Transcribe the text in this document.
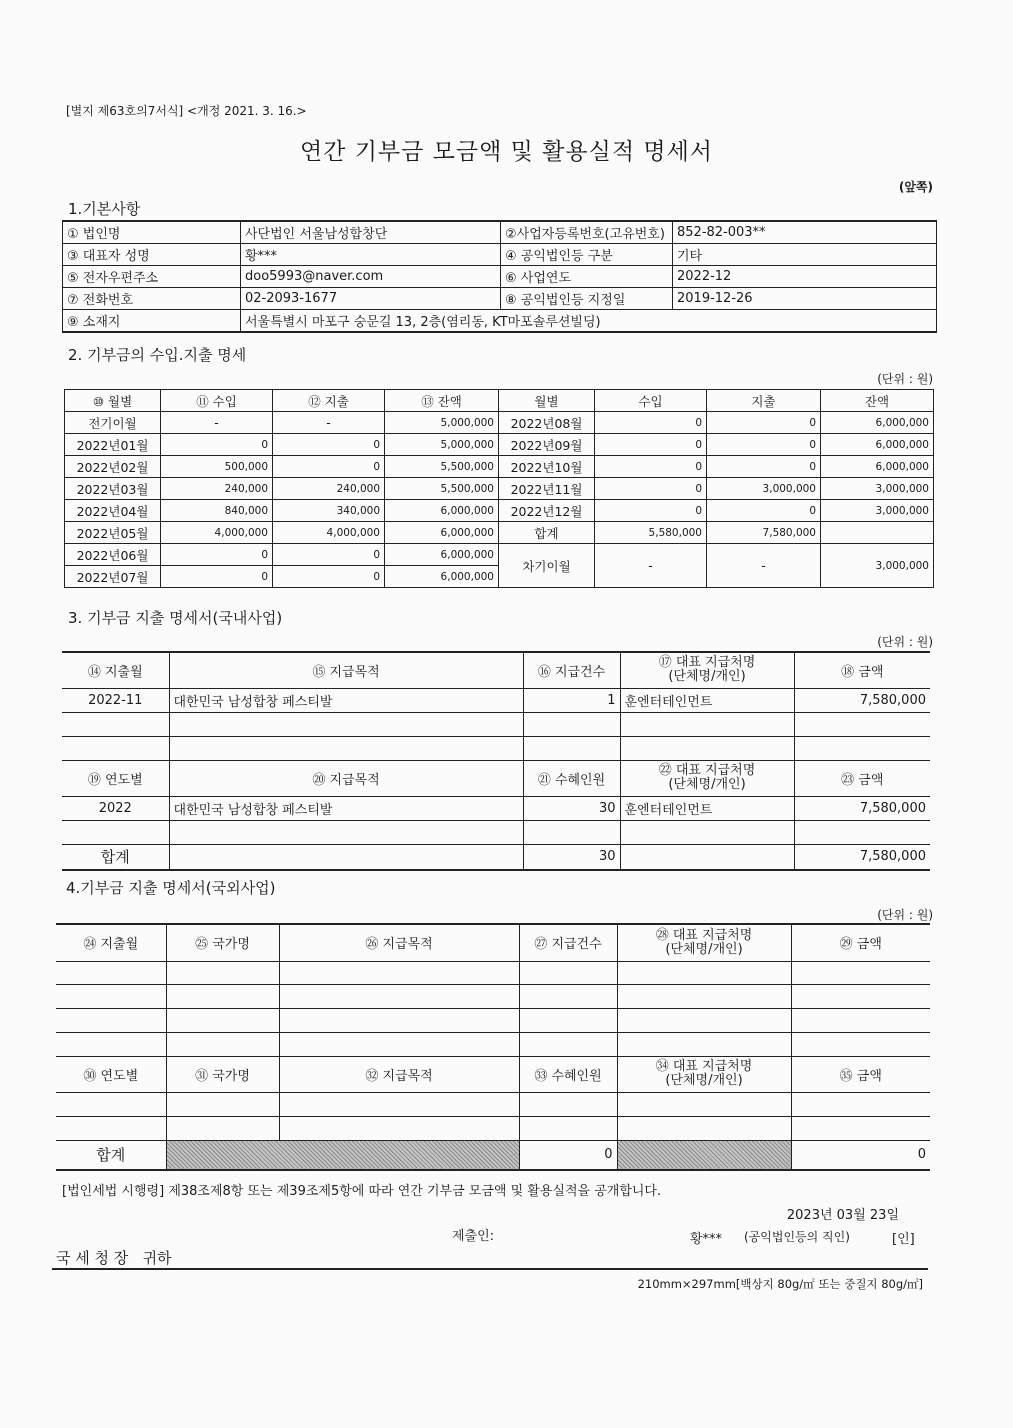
[별지 제63호의7서식] <개정 2021. 3. 16.>
연간 기부금 모금액 및 활용실적 명세서
(앞쪽)
1.기본사항
① 법인명	사단법인 서울남성합창단	②사업자등록번호(고유번호)	852-82-003**
③ 대표자 성명	황***	④ 공익법인등 구분	기타
⑤ 전자우편주소	doo5993@naver.com	⑥ 사업연도	2022-12
⑦ 전화번호	02-2093-1677	⑧ 공익법인등 지정일	2019-12-26
⑨ 소재지	서울특별시 마포구 숭문길 13, 2층(염리동, KT마포솔루션빌딩)		
2. 기부금의 수입.지출 명세
(단위 : 원)
⑩ 월별	⑪ 수입	⑫ 지출	⑬ 잔액	월별	수입	지출	잔액
전기이월	-	-	5,000,000	2022년08월	0	0	6,000,000
2022년01월	0	0	5,000,000	2022년09월	0	0	6,000,000
2022년02월	500,000	0	5,500,000	2022년10월	0	0	6,000,000
2022년03월	240,000	240,000	5,500,000	2022년11월	0	3,000,000	3,000,000
2022년04월	840,000	340,000	6,000,000	2022년12월	0	0	3,000,000
2022년05월	4,000,000	4,000,000	6,000,000	합계	5,580,000	7,580,000	
2022년06월	0	0	6,000,000	차기이월	-	-	3,000,000
2022년07월	0	0	6,000,000				
3. 기부금 지출 명세서(국내사업)
(단위 : 원)
⑭ 지출월	⑮ 지급목적	⑯ 지급건수	⑰ 대표 지급처명
(단체명/개인)	⑱ 금액
2022-11	대한민국 남성합창 페스티발	1	훈엔터테인먼트	7,580,000

⑲ 연도별	⑳ 지급목적	㉑ 수혜인원	㉒ 대표 지급처명
(단체명/개인)	㉓ 금액
2022	대한민국 남성합창 페스티발	30	훈엔터테인먼트	7,580,000

합계		30		7,580,000
4.기부금 지출 명세서(국외사업)
(단위 : 원)
㉔ 지출월	㉕ 국가명	㉖ 지급목적	㉗ 지급건수	㉘ 대표 지급처명
(단체명/개인)	㉙ 금액

㉚ 연도별	㉛ 국가명	㉜ 지급목적	㉝ 수혜인원	㉞ 대표 지급처명
(단체명/개인)	㉟ 금액

합계			0		0
[법인세법 시행령] 제38조제8항 또는 제39조제5항에 따라 연간 기부금 모금액 및 활용실적을 공개합니다.
2023년 03월 23일
제출인:	황*** (공익법인등의 직인)	[인]
국 세 청 장   귀하
210mm×297mm[백상지 80g/㎡ 또는 중질지 80g/㎡]
